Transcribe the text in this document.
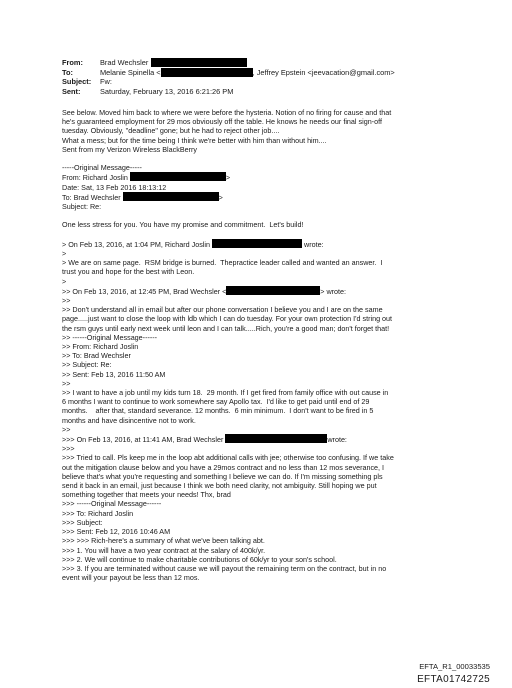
From:	Brad Wechsler
To:	Melanie Spinella <	, Jeffrey Epstein <jeevacation@gmail.com>
Subject:	Fw:
Sent:	Saturday, February 13, 2016 6:21:26 PM

See below. Moved him back to where we were before the hysteria. Notion of no firing for cause and that

he's guaranteed employment for 29 mos obviously off the table. He knows he needs our final sign-off

tuesday. Obviously, "deadline" gone; but he had to reject other job....

What a mess; but for the time being I think we're better with him than without him....

Sent from my Verizon Wireless BlackBerry

-----Original Message-----

From: Richard Joslin	>

Date: Sat, 13 Feb 2016 18:13:12

To: Brad Wechsler	>

Subject: Re:

One less stress for you. You have my promise and commitment.  Let's build!

> On Feb 13, 2016, at 1:04 PM, Richard Joslin	wrote:

>

> We are on same page.  RSM bridge is burned.  Thepractice leader called and wanted an answer.  I

trust you and hope for the best with Leon.

>

>> On Feb 13, 2016, at 12:45 PM, Brad Wechsler <	> wrote:

>>

>> Don't understand all in email but after our phone conversation I believe you and I are on the same

page.....just want to close the loop with ldb which I can do tuesday. For your own protection I'd string out

the rsm guys until early next week until leon and I can talk.....Rich, you're a good man; don't forget that!

>> ------Original Message------

>> From: Richard Joslin

>> To: Brad Wechsler

>> Subject: Re:

>> Sent: Feb 13, 2016 11:50 AM

>>

>> I want to have a job until my kids turn 18.  29 month. If I get fired from family office with out cause in

6 months I want to continue to work somewhere say Apollo tax.  I'd like to get paid until end of 29

months.    after that, standard severance. 12 months.  6 min minimum.  I don't want to be fired in 5

months and have disincentive not to work.

>>

>>> On Feb 13, 2016, at 11:41 AM, Brad Wechsler	wrote:

>>>

>>> Tried to call. Pls keep me in the loop abt additional calls with jee; otherwise too confusing. If we take

out the mitigation clause below and you have a 29mos contract and no less than 12 mos severance, I

believe that's what you're requesting and something I believe we can do. If I'm missing something pls

send it back in an email, just because I think we both need clarity, not ambiguity. Still hoping we put

something together that meets your needs! Thx, brad

>>> ------Original Message------

>>> To: Richard Joslin

>>> Subject:

>>> Sent: Feb 12, 2016 10:46 AM

>>> >>> Rich-here's a summary of what we've been talking abt.

>>> 1. You will have a two year contract at the salary of 400k/yr.

>>> 2. We will continue to make charitable contributions of 60k/yr to your son's school.

>>> 3. If you are terminated without cause we will payout the remaining term on the contract, but in no

event will your payout be less than 12 mos.

EFTA_R1_00033535
EFTA01742725
